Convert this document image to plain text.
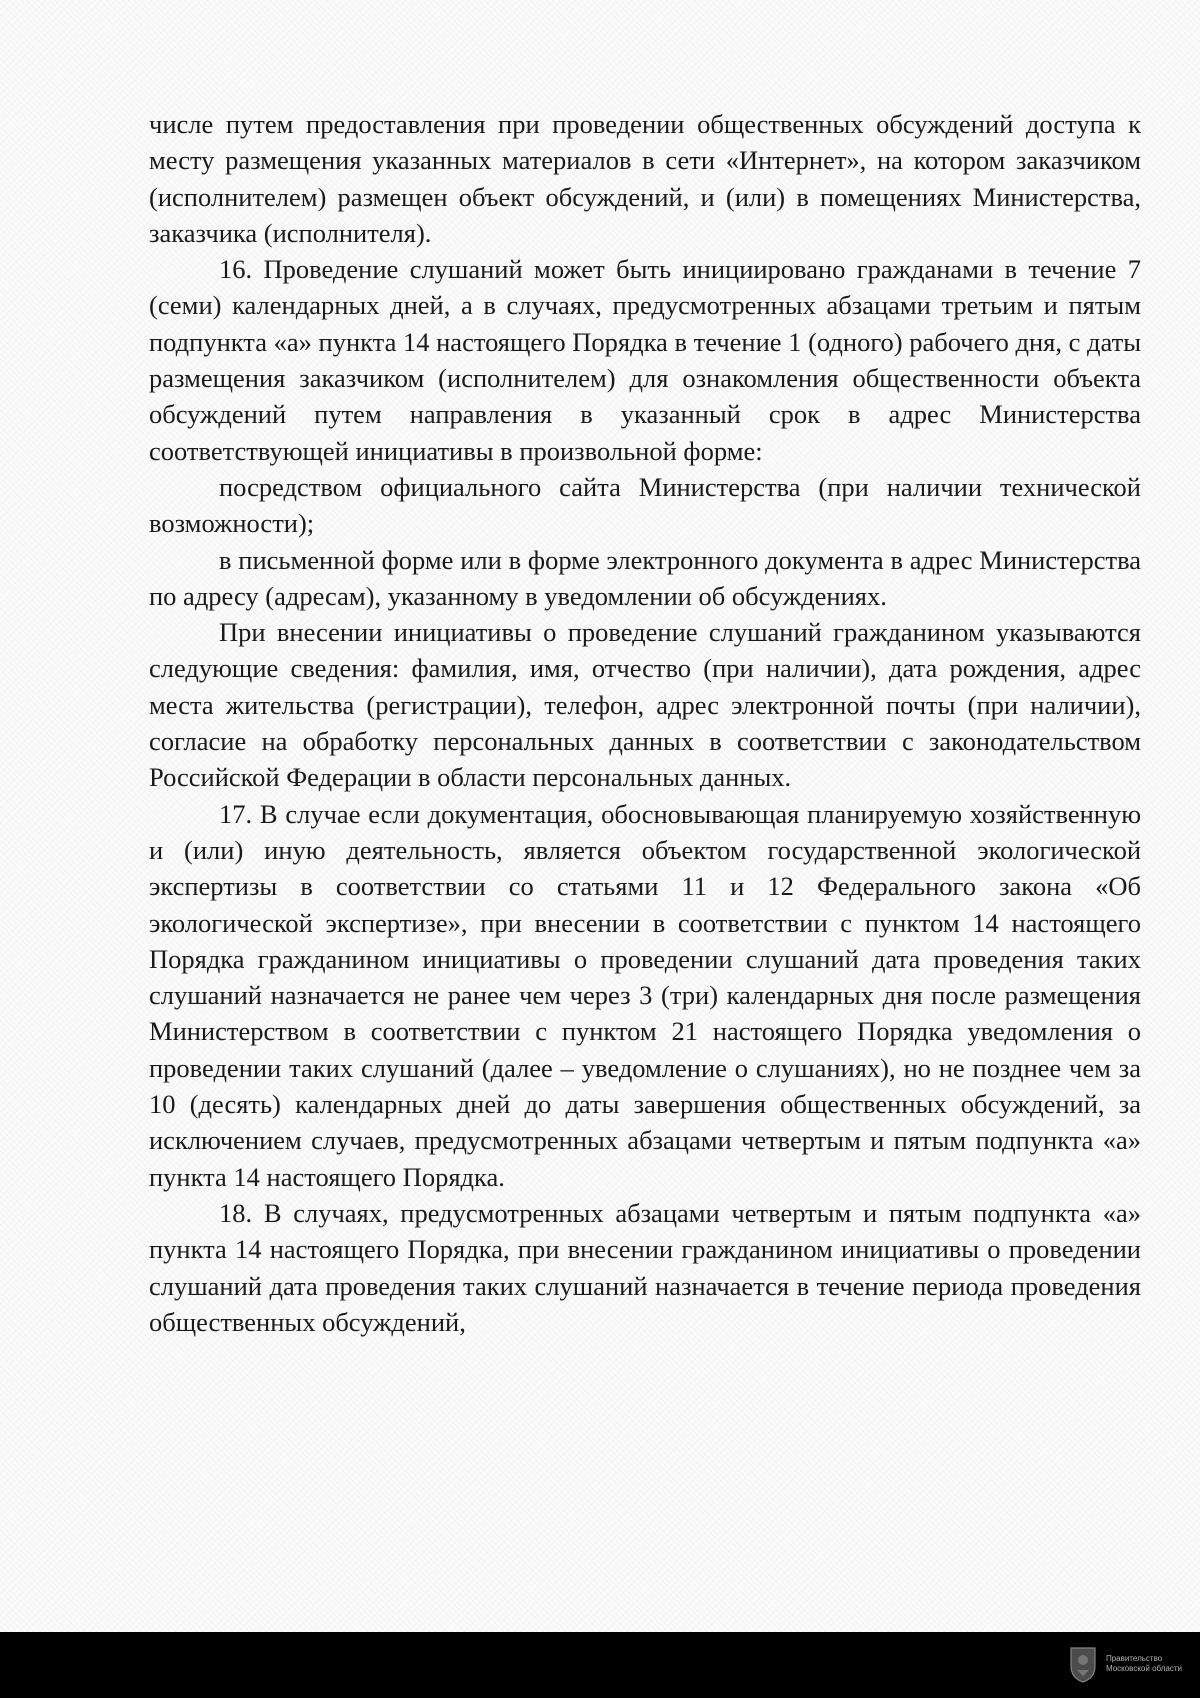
числе путем предоставления при проведении общественных обсуждений доступа к месту размещения указанных материалов в сети «Интернет», на котором заказчиком (исполнителем) размещен объект обсуждений, и (или) в помещениях Министерства, заказчика (исполнителя).

16. Проведение слушаний может быть инициировано гражданами в течение 7 (семи) календарных дней, а в случаях, предусмотренных абзацами третьим и пятым подпункта «а» пункта 14 настоящего Порядка в течение 1 (одного) рабочего дня, с даты размещения заказчиком (исполнителем) для ознакомления общественности объекта обсуждений путем направления в указанный срок в адрес Министерства соответствующей инициативы в произвольной форме:

посредством официального сайта Министерства (при наличии технической возможности);

в письменной форме или в форме электронного документа в адрес Министерства по адресу (адресам), указанному в уведомлении об обсуждениях.

При внесении инициативы о проведение слушаний гражданином указываются следующие сведения: фамилия, имя, отчество (при наличии), дата рождения, адрес места жительства (регистрации), телефон, адрес электронной почты (при наличии), согласие на обработку персональных данных в соответствии с законодательством Российской Федерации в области персональных данных.

17. В случае если документация, обосновывающая планируемую хозяйственную и (или) иную деятельность, является объектом государственной экологической экспертизы в соответствии со статьями 11 и 12 Федерального закона «Об экологической экспертизе», при внесении в соответствии с пунктом 14 настоящего Порядка гражданином инициативы о проведении слушаний дата проведения таких слушаний назначается не ранее чем через 3 (три) календарных дня после размещения Министерством в соответствии с пунктом 21 настоящего Порядка уведомления о проведении таких слушаний (далее – уведомление о слушаниях), но не позднее чем за 10 (десять) календарных дней до даты завершения общественных обсуждений, за исключением случаев, предусмотренных абзацами четвертым и пятым подпункта «а» пункта 14 настоящего Порядка.

18. В случаях, предусмотренных абзацами четвертым и пятым подпункта «а» пункта 14 настоящего Порядка, при внесении гражданином инициативы о проведении слушаний дата проведения таких слушаний назначается в течение периода проведения общественных обсуждений,

Правительство
Московской области
